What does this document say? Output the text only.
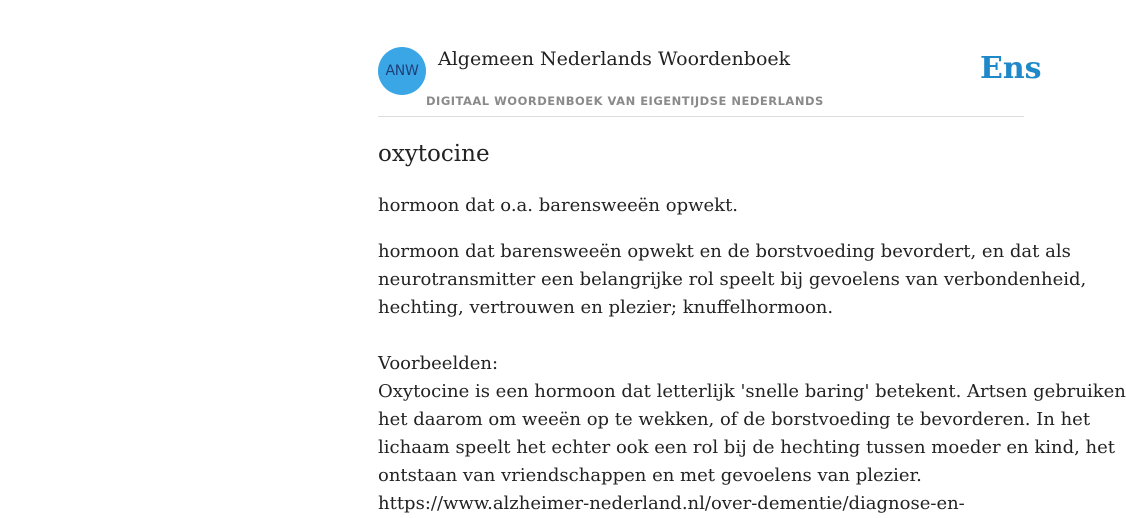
ANW
Algemeen Nederlands Woordenboek
DIGITAAL WOORDENBOEK VAN EIGENTIJDSE NEDERLANDS
Ens
oxytocine

hormoon dat o.a. barensweeën opwekt.

hormoon dat barensweeën opwekt en de borstvoeding bevordert, en dat als
neurotransmitter een belangrijke rol speelt bij gevoelens van verbondenheid,
hechting, vertrouwen en plezier; knuffelhormoon.
Voorbeelden:
Oxytocine is een hormoon dat letterlijk 'snelle baring' betekent. Artsen gebruiken
het daarom om weeën op te wekken, of de borstvoeding te bevorderen. In het
lichaam speelt het echter ook een rol bij de hechting tussen moeder en kind, het
ontstaan van vriendschappen en met gevoelens van plezier.
https://www.alzheimer-nederland.nl/over-dementie/diagnose-en-
